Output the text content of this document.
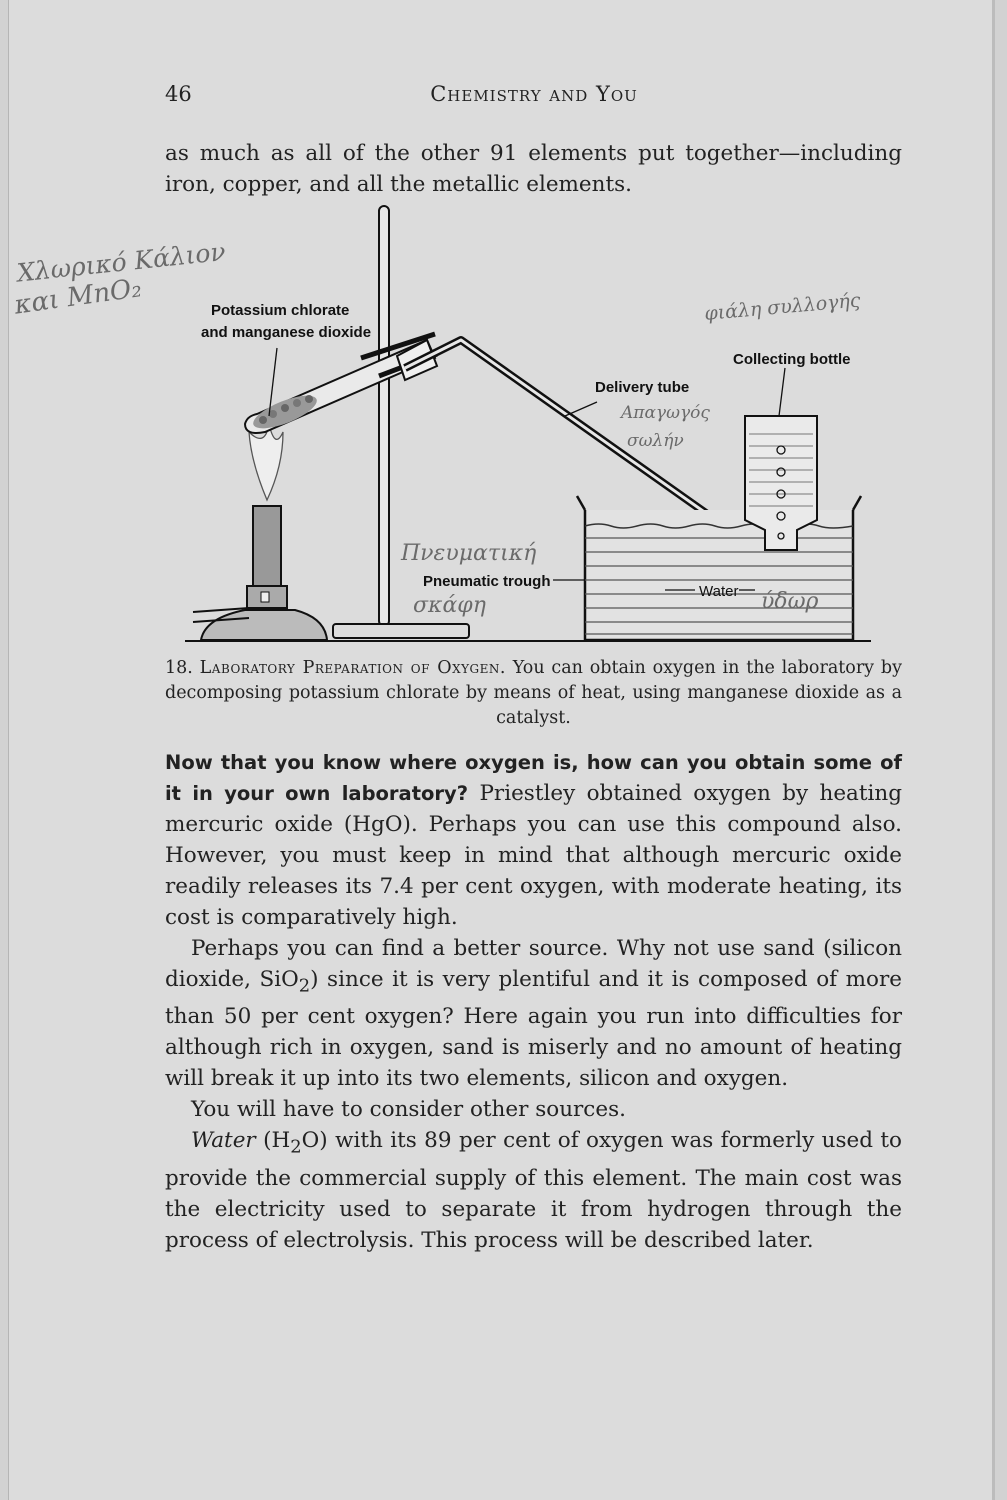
46	Chemistry and You

as much as all of the other 91 elements put together—including iron, copper, and all the metallic elements.

Potassium chlorate
and manganese dioxide
Delivery tube
Collecting bottle
Pneumatic trough
Water
Χλωρικό Κάλιον
και MnO₂	φιάλη συλλογής
Απαγωγός
σωλήν
Πνευματική
σκάφη	ύδωρ
18. Laboratory Preparation of Oxygen. You can obtain oxygen in the laboratory by decomposing potassium chlorate by means of heat, using manganese dioxide as a catalyst.

Now that you know where oxygen is, how can you obtain some of it in your own laboratory? Priestley obtained oxygen by heating mercuric oxide (HgO). Perhaps you can use this compound also. However, you must keep in mind that although mercuric oxide readily releases its 7.4 per cent oxygen, with moderate heating, its cost is comparatively high.

Perhaps you can find a better source. Why not use sand (silicon dioxide, SiO$_2$) since it is very plentiful and it is composed of more than 50 per cent oxygen? Here again you run into difficulties for although rich in oxygen, sand is miserly and no amount of heating will break it up into its two elements, silicon and oxygen.

You will have to consider other sources.

Water $(H_2O)$ with its 89 per cent of oxygen was formerly used to provide the commercial supply of this element. The main cost was the electricity used to separate it from hydrogen through the process of electrolysis. This process will be described later.
